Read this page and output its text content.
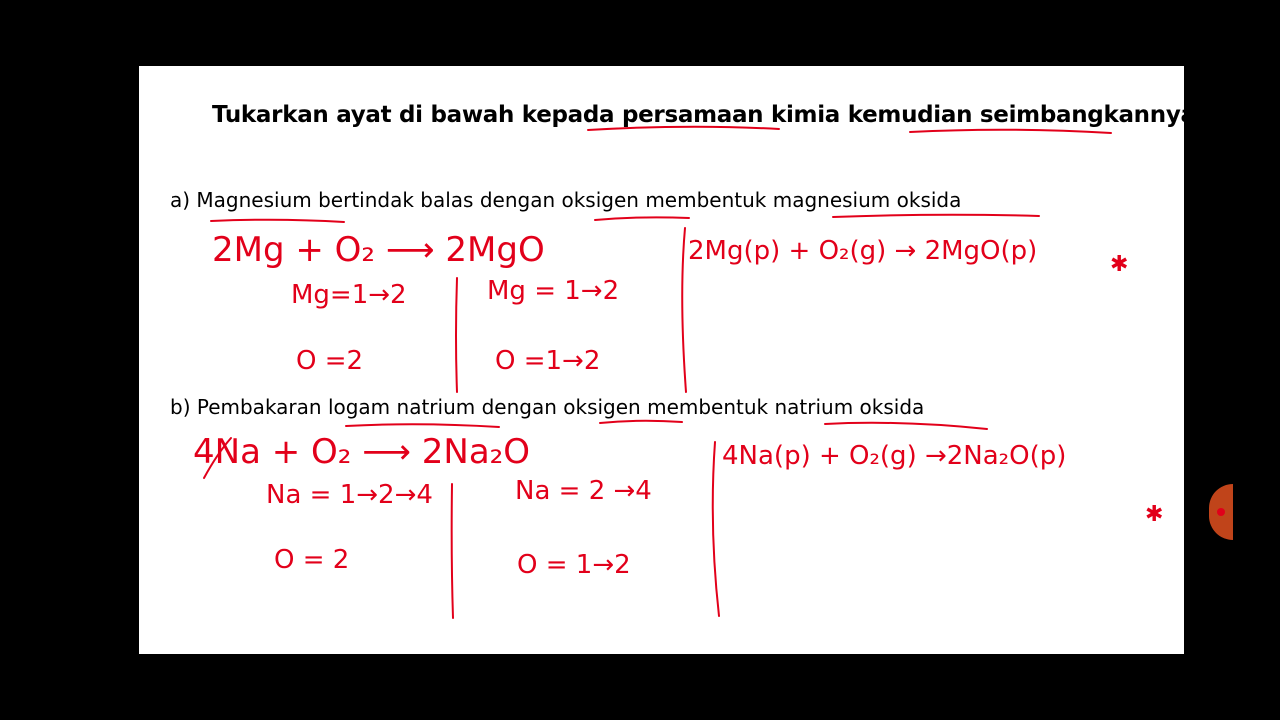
Tukarkan ayat di bawah kepada persamaan kimia kemudian seimbangkannya.
a) Magnesium bertindak balas dengan oksigen membentuk magnesium oksida
b) Pembakaran logam natrium dengan oksigen membentuk natrium oksida
2Mg + O₂ ⟶ 2MgO
Mg=1→2
O =2
Mg = 1→2
O =1→2
2Mg(p) + O₂(g) → 2MgO(p)	✱
4Na + O₂ ⟶ 2Na₂O
Na = 1→2→4
O = 2
Na = 2 →4
O = 1→2
4Na(p) + O₂(g) →2Na₂O(p)
✱
